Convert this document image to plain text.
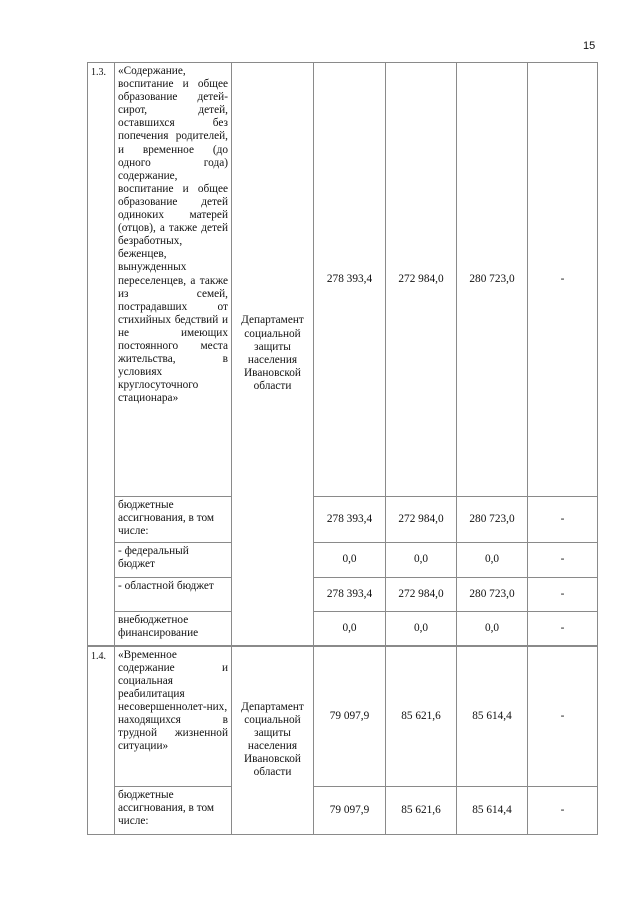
15
1.3.	«Содержание, воспитание и общее образование детей-сирот, детей, оставшихся без попечения родителей, и временное (до одного года) содержание, воспитание и общее образование детей одиноких матерей (отцов), а также детей безработных, беженцев, вынужденных переселенцев, а также из семей, пострадавших от стихийных бедствий и не имеющих постоянного места жительства, в условиях круглосуточного стационара»	Департамент социальной защиты населения Ивановской области	278 393,4	272 984,0	280 723,0	-
	бюджетные ассигнования, в том числе:		278 393,4	272 984,0	280 723,0	-
	- федеральный бюджет		0,0	0,0	0,0	-
	- областной бюджет		278 393,4	272 984,0	280 723,0	-
	внебюджетное финансирование		0,0	0,0	0,0	-
1.4.	«Временное содержание и социальная реабилитация несовершеннолет-них, находящихся в трудной жизненной ситуации»	Департамент социальной защиты населения Ивановской области	79 097,9	85 621,6	85 614,4	-
	бюджетные ассигнования, в том числе:		79 097,9	85 621,6	85 614,4	-
